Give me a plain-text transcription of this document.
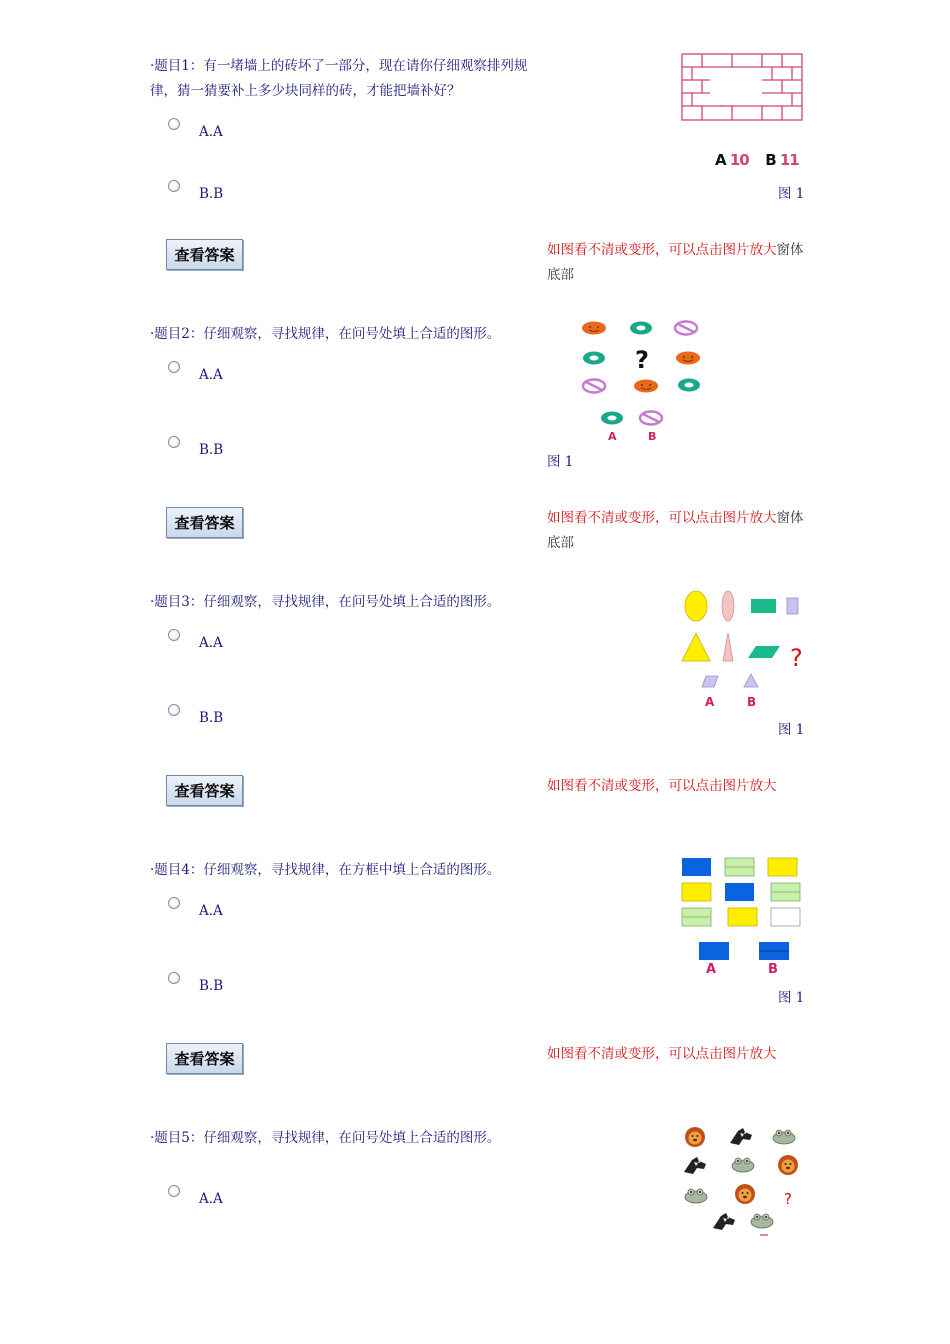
·题目1：有一堵墙上的砖坏了一部分，现在请你仔细观察排列规律，猜一猜要补上多少块同样的砖，才能把墙补好？
A.A
B.B
查看答案	如图看不清或变形，可以点击图片放大窗体底部
A 10 B 11
图 1
·题目2：仔细观察，寻找规律，在问号处填上合适的图形。
A.A
B.B
查看答案	如图看不清或变形，可以点击图片放大窗体底部
?
A	B
图 1
·题目3：仔细观察，寻找规律，在问号处填上合适的图形。
A.A
B.B
查看答案	如图看不清或变形，可以点击图片放大
?
A	B
图 1
·题目4：仔细观察，寻找规律，在方框中填上合适的图形。
A.A
B.B
查看答案	如图看不清或变形，可以点击图片放大
A	B
图 1
·题目5：仔细观察，寻找规律，在问号处填上合适的图形。
A.A	?
